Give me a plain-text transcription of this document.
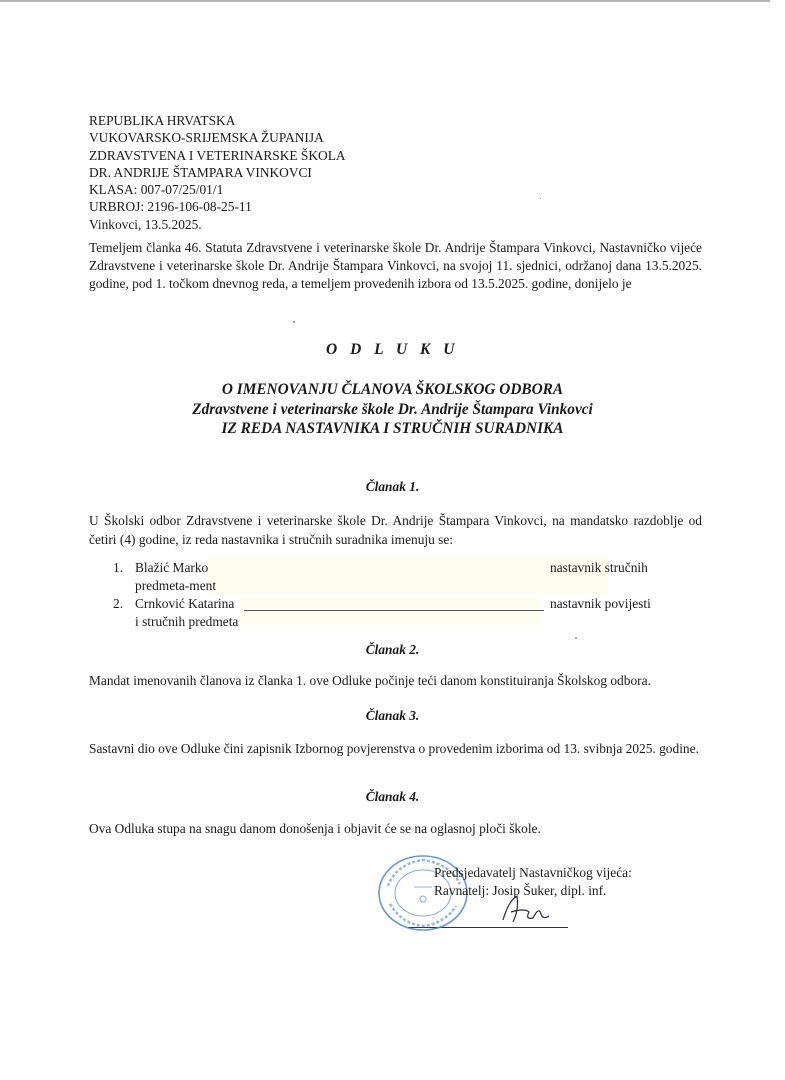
REPUBLIKA HRVATSKA
VUKOVARSKO-SRIJEMSKA ŽUPANIJA
ZDRAVSTVENA I VETERINARSKE ŠKOLA
DR. ANDRIJE ŠTAMPARA VINKOVCI
KLASA: 007-07/25/01/1
URBROJ: 2196-106-08-25-11
Vinkovci, 13.5.2025.
Temeljem članka 46. Statuta Zdravstvene i veterinarske škole Dr. Andrije Štampara Vinkovci, Nastavničko vijeće Zdravstvene i veterinarske škole Dr. Andrije Štampara Vinkovci, na svojoj 11. sjednici, održanoj dana 13.5.2025. godine, pod 1. točkom dnevnog reda, a temeljem provedenih izbora od 13.5.2025. godine, donijelo je
O D L U K U
O IMENOVANJU ČLANOVA ŠKOLSKOG ODBORA
Zdravstvene i veterinarske škole Dr. Andrije Štampara Vinkovci
IZ REDA NASTAVNIKA I STRUČNIH SURADNIKA
Članak 1.
U Školski odbor Zdravstvene i veterinarske škole Dr. Andrije Štampara Vinkovci, na mandatsko razdoblje od četiri (4) godine, iz reda nastavnika i stručnih suradnika imenuju se:
1. Blažić Marko	nastavnik stručnih
predmeta-ment
2. Crnković Katarina	nastavnik povijesti
i stručnih predmeta
Članak 2.
Mandat imenovanih članova iz članka 1. ove Odluke počinje teći danom konstituiranja Školskog odbora.
Članak 3.
Sastavni dio ove Odluke čini zapisnik Izbornog povjerenstva o provedenim izborima od 13. svibnja 2025. godine.
Članak 4.
Ova Odluka stupa na snagu danom donošenja i objavit će se na oglasnoj ploči škole.
Predsjedavatelj Nastavničkog vijeća:
Ravnatelj: Josip Šuker, dipl. inf.
